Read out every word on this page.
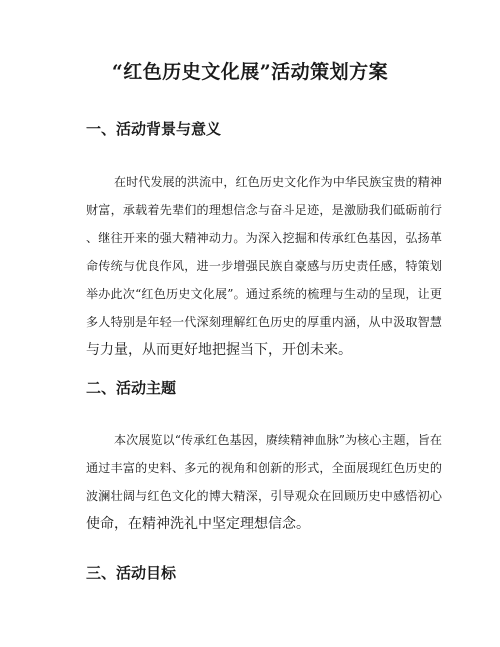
“红色历史文化展”活动策划方案
一、活动背景与意义
在时代发展的洪流中，红色历史文化作为中华民族宝贵的精神
财富，承载着先辈们的理想信念与奋斗足迹，是激励我们砥砺前行
、继往开来的强大精神动力。为深入挖掘和传承红色基因，弘扬革
命传统与优良作风，进一步增强民族自豪感与历史责任感，特策划
举办此次“红色历史文化展”。通过系统的梳理与生动的呈现，让更
多人特别是年轻一代深刻理解红色历史的厚重内涵，从中汲取智慧
与力量，从而更好地把握当下，开创未来。
二、活动主题
本次展览以“传承红色基因，赓续精神血脉”为核心主题，旨在
通过丰富的史料、多元的视角和创新的形式，全面展现红色历史的
波澜壮阔与红色文化的博大精深，引导观众在回顾历史中感悟初心
使命，在精神洗礼中坚定理想信念。
三、活动目标
